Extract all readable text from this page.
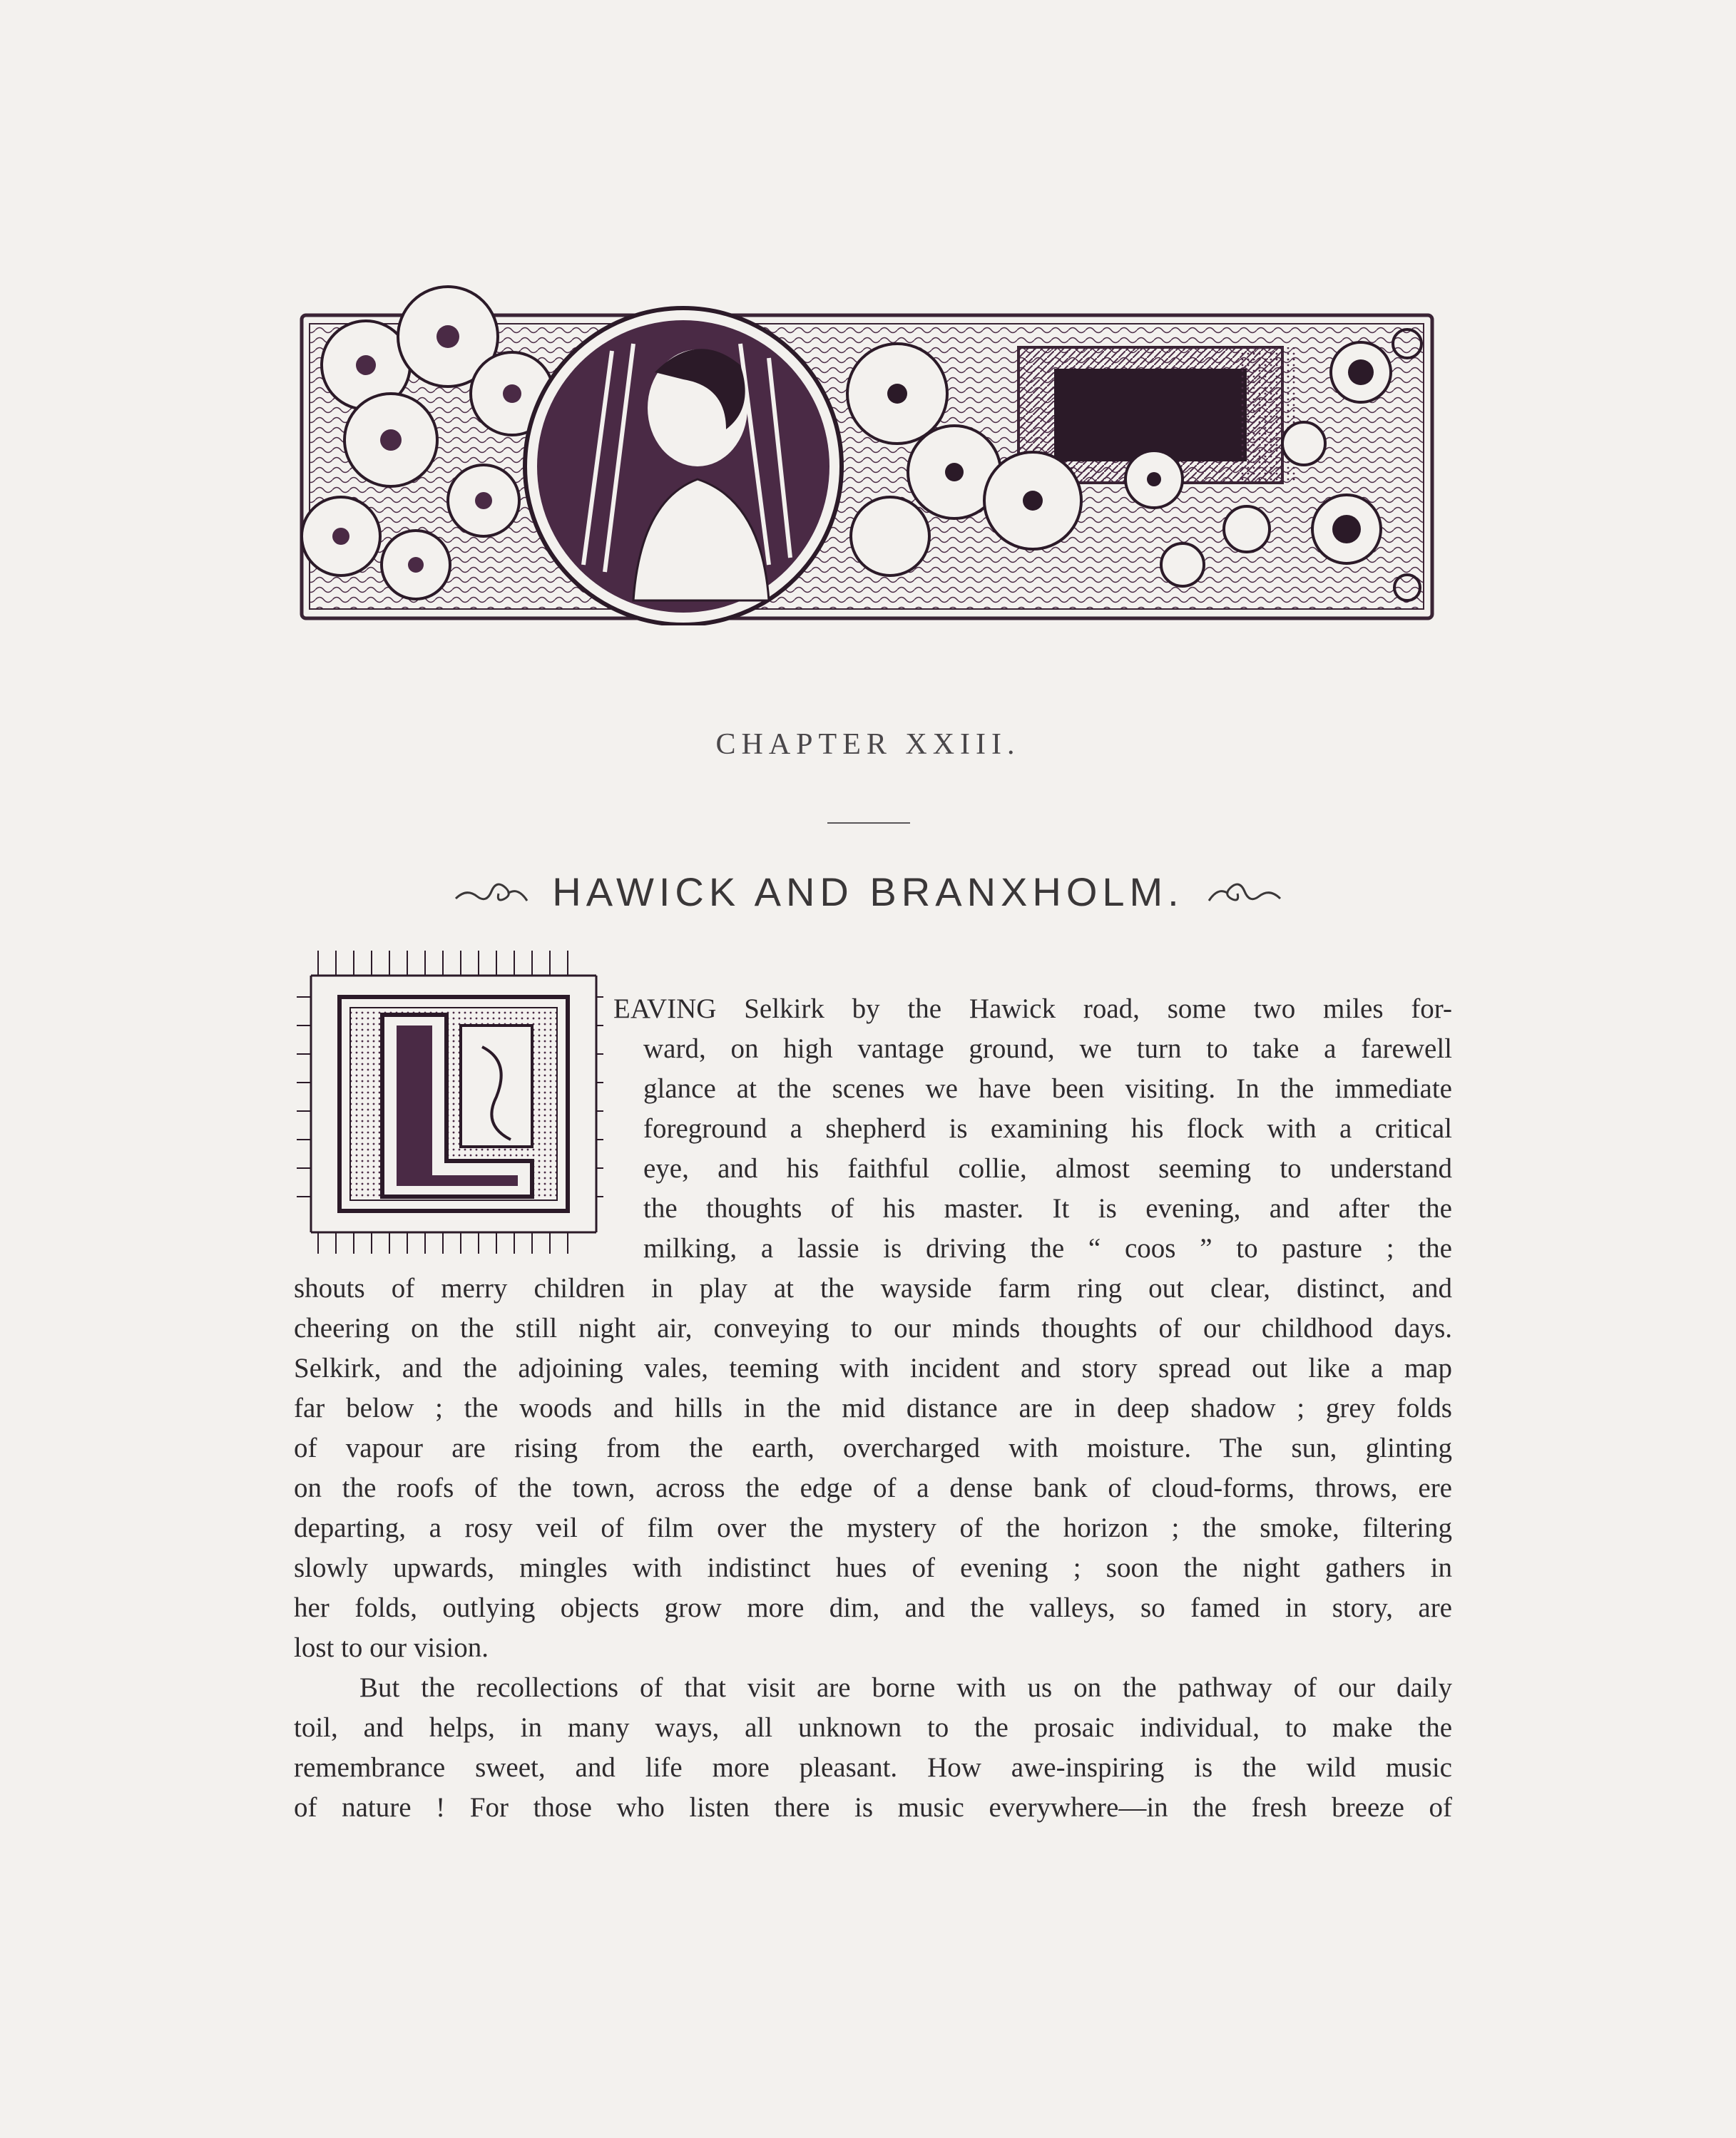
CHAPTER XXIII.
HAWICK AND BRANXHOLM.
EAVING Selkirk by the Hawick road, some two miles for-
ward, on high vantage ground, we turn to take a farewell
glance at the scenes we have been visiting. In the immediate
foreground a shepherd is examining his flock with a critical
eye, and his faithful collie, almost seeming to understand
the thoughts of his master. It is evening, and after the
milking, a lassie is driving the “ coos ” to pasture ; the
shouts of merry children in play at the wayside farm ring out clear, distinct, and
cheering on the still night air, conveying to our minds thoughts of our childhood days.
Selkirk, and the adjoining vales, teeming with incident and story spread out like a map
far below ; the woods and hills in the mid distance are in deep shadow ; grey folds
of vapour are rising from the earth, overcharged with moisture. The sun, glinting
on the roofs of the town, across the edge of a dense bank of cloud-forms, throws, ere
departing, a rosy veil of film over the mystery of the horizon ; the smoke, filtering
slowly upwards, mingles with indistinct hues of evening ; soon the night gathers in
her folds, outlying objects grow more dim, and the valleys, so famed in story, are
lost to our vision.
But the recollections of that visit are borne with us on the pathway of our daily
toil, and helps, in many ways, all unknown to the prosaic individual, to make the
remembrance sweet, and life more pleasant. How awe-inspiring is the wild music
of nature ! For those who listen there is music everywhere—in the fresh breeze of
